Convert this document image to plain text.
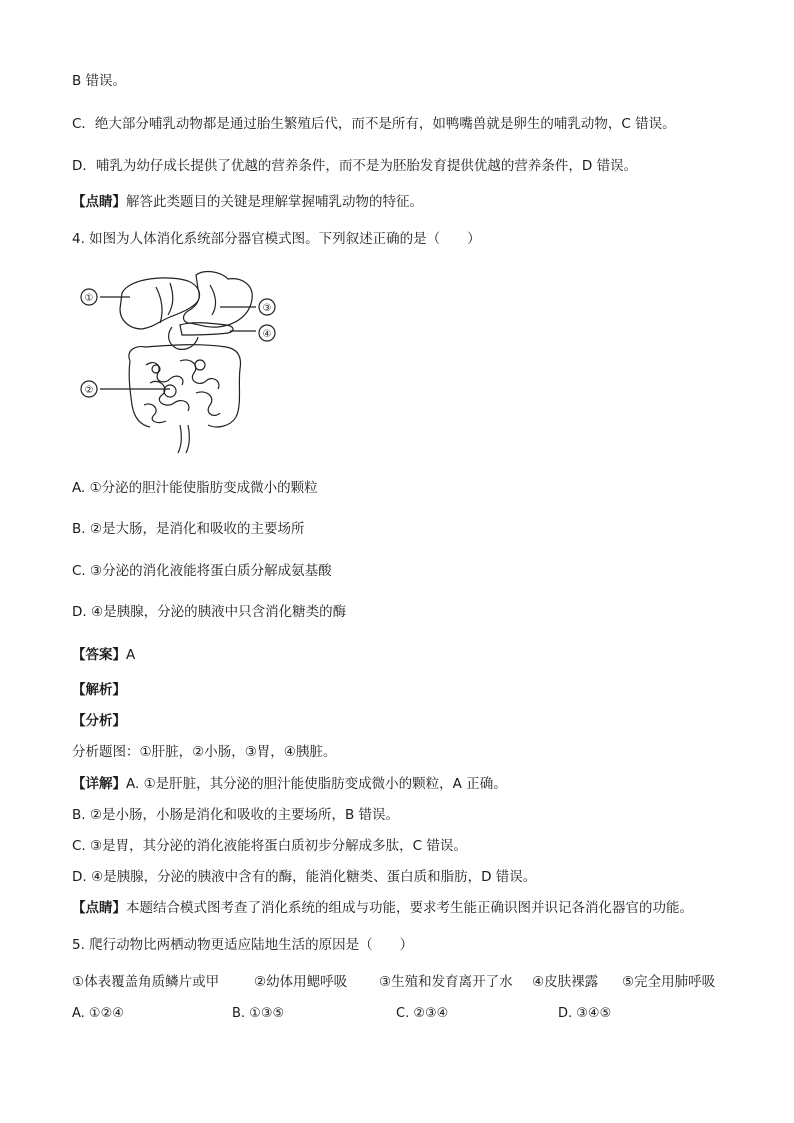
B 错误。
C．绝大部分哺乳动物都是通过胎生繁殖后代，而不是所有，如鸭嘴兽就是卵生的哺乳动物，C 错误。
D．哺乳为幼仔成长提供了优越的营养条件，而不是为胚胎发育提供优越的营养条件，D 错误。
【点睛】解答此类题目的关键是理解掌握哺乳动物的特征。
4. 如图为人体消化系统部分器官模式图。下列叙述正确的是（　　）
①
②
③
④
A. ①分泌的胆汁能使脂肪变成微小的颗粒
B. ②是大肠，是消化和吸收的主要场所
C. ③分泌的消化液能将蛋白质分解成氨基酸
D. ④是胰腺，分泌的胰液中只含消化糖类的酶
【答案】A
【解析】
【分析】
分析题图：①肝脏，②小肠，③胃，④胰脏。
【详解】A. ①是肝脏，其分泌的胆汁能使脂肪变成微小的颗粒，A 正确。
B. ②是小肠，小肠是消化和吸收的主要场所，B 错误。
C. ③是胃，其分泌的消化液能将蛋白质初步分解成多肽，C 错误。
D. ④是胰腺，分泌的胰液中含有的酶，能消化糖类、蛋白质和脂肪，D 错误。
【点睛】本题结合模式图考查了消化系统的组成与功能，要求考生能正确识图并识记各消化器官的功能。
5. 爬行动物比两栖动物更适应陆地生活的原因是（　　）
①体表覆盖角质鳞片或甲	②幼体用鳃呼吸 ③生殖和发育离开了水 ④皮肤裸露 ⑤完全用肺呼吸
A. ①②④	B. ①③⑤	C. ②③④	D. ③④⑤
